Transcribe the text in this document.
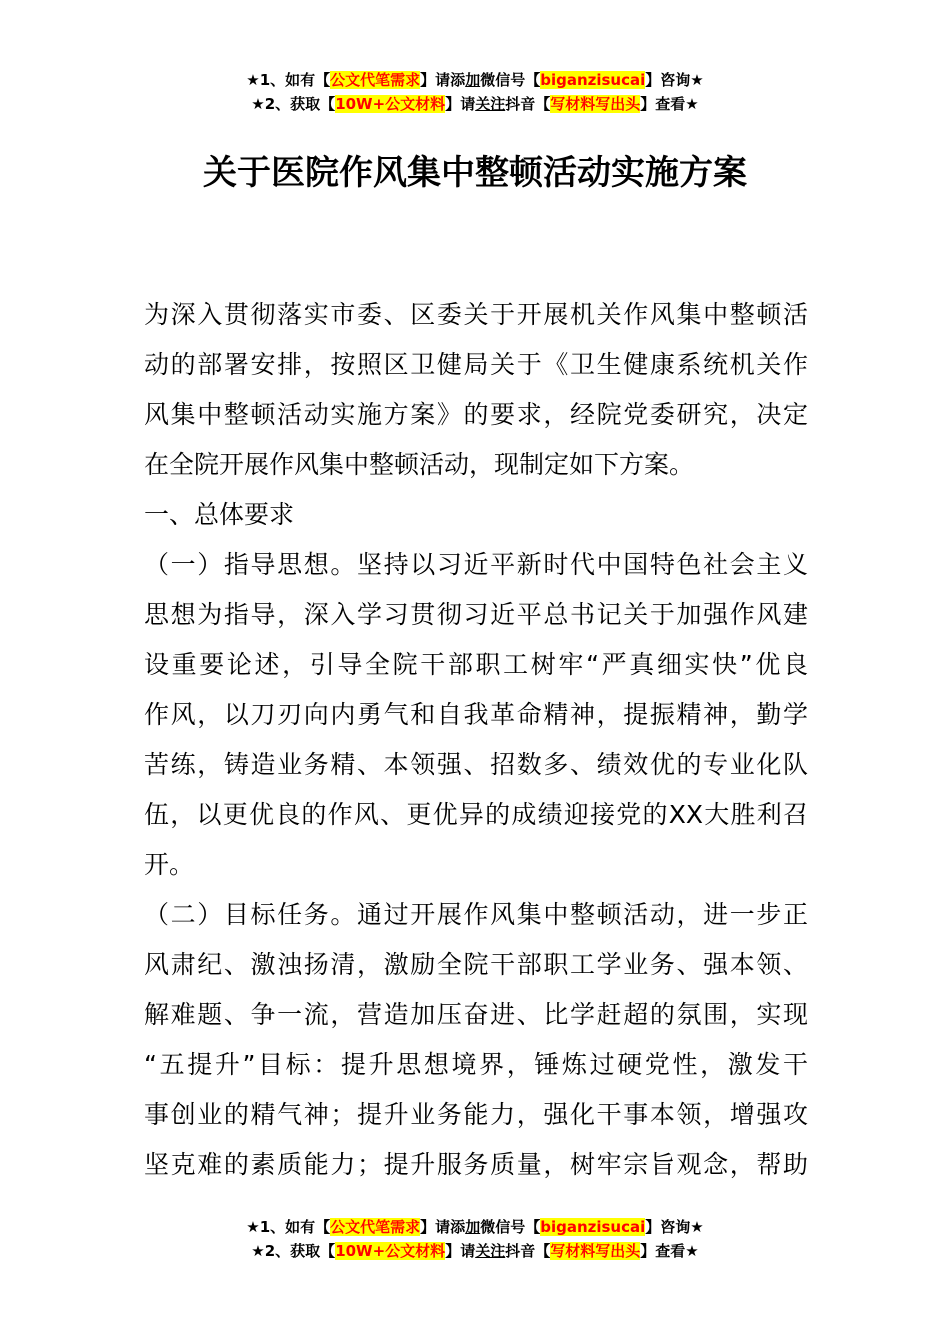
★1、如有【公文代笔需求】请添加微信号【biganzisucai】咨询★
★2、获取【10W+公文材料】请关注抖音【写材料写出头】查看★
关于医院作风集中整顿活动实施方案
为深入贯彻落实市委、区委关于开展机关作风集中整顿活
动的部署安排，按照区卫健局关于《卫生健康系统机关作
风集中整顿活动实施方案》的要求，经院党委研究，决定
在全院开展作风集中整顿活动，现制定如下方案。
一、总体要求
（一）指导思想。坚持以习近平新时代中国特色社会主义
思想为指导，深入学习贯彻习近平总书记关于加强作风建
设重要论述，引导全院干部职工树牢“严真细实快”优良
作风，以刀刃向内勇气和自我革命精神，提振精神，勤学
苦练，铸造业务精、本领强、招数多、绩效优的专业化队
伍，以更优良的作风、更优异的成绩迎接党的XX大胜利召
开。
（二）目标任务。通过开展作风集中整顿活动，进一步正
风肃纪、激浊扬清，激励全院干部职工学业务、强本领、
解难题、争一流，营造加压奋进、比学赶超的氛围，实现
“五提升”目标：提升思想境界，锤炼过硬党性，激发干
事创业的精气神；提升业务能力，强化干事本领，增强攻
坚克难的素质能力；提升服务质量，树牢宗旨观念，帮助
★1、如有【公文代笔需求】请添加微信号【biganzisucai】咨询★
★2、获取【10W+公文材料】请关注抖音【写材料写出头】查看★
